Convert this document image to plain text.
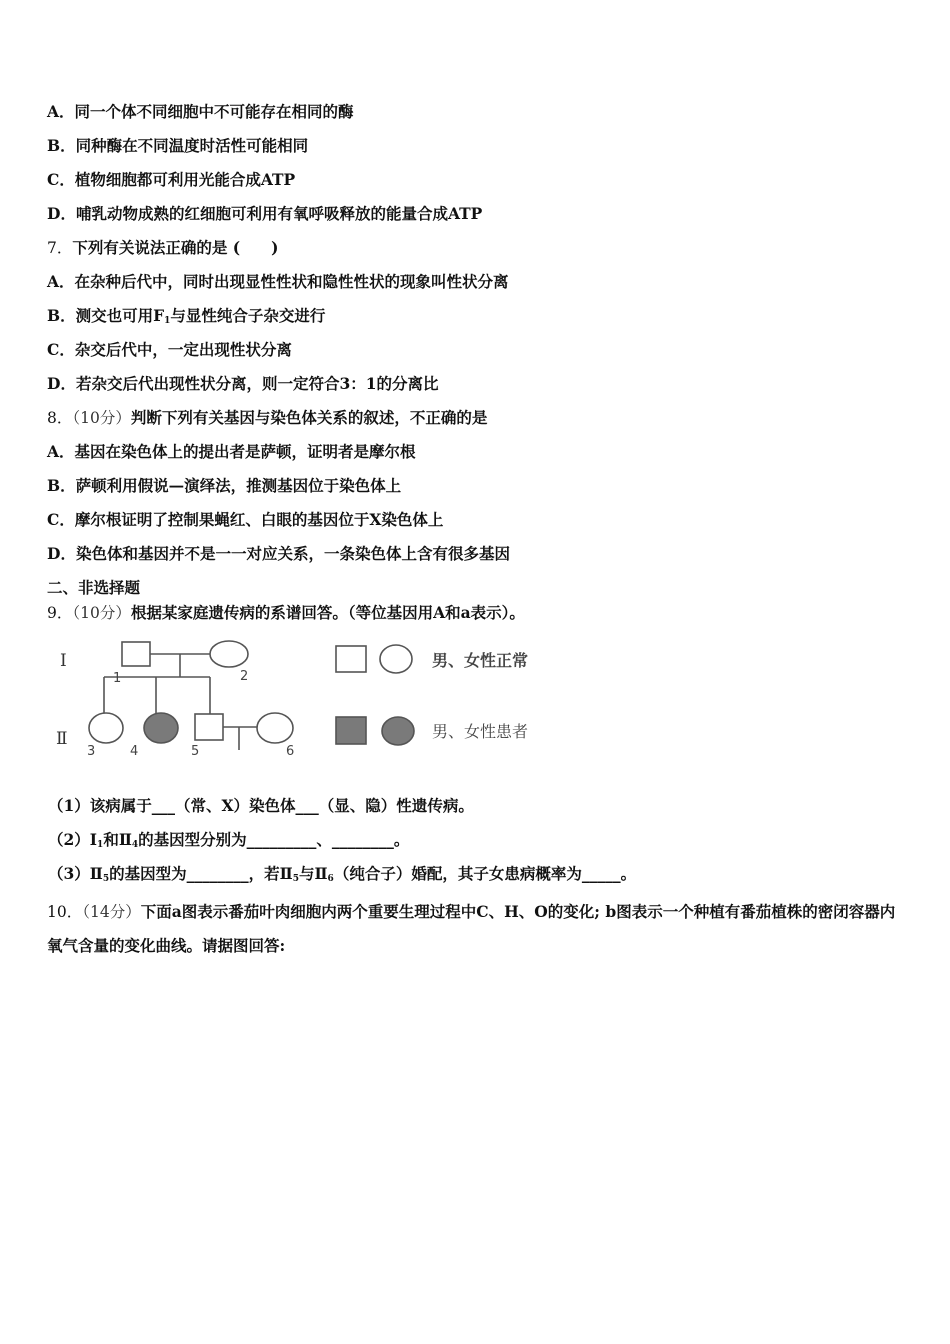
A．同一个体不同细胞中不可能存在相同的酶
B．同种酶在不同温度时活性可能相同
C．植物细胞都可利用光能合成ATP
D．哺乳动物成熟的红细胞可利用有氧呼吸释放的能量合成ATP
7．下列有关说法正确的是 (　　)
A．在杂种后代中，同时出现显性性状和隐性性状的现象叫性状分离
B．测交也可用$F_1$与显性纯合子杂交进行
C．杂交后代中，一定出现性状分离
D．若杂交后代出现性状分离，则一定符合3：1的分离比
8．（10分）判断下列有关基因与染色体关系的叙述，不正确的是
A．基因在染色体上的提出者是萨顿，证明者是摩尔根
B．萨顿利用假说—演绎法，推测基因位于染色体上
C．摩尔根证明了控制果蝇红、白眼的基因位于X染色体上
D．染色体和基因并不是一一对应关系，一条染色体上含有很多基因
二、非选择题
9．（10分）根据某家庭遗传病的系谱回答。（等位基因用A和a表示）。
Ⅰ
Ⅱ
1	2
3	4	5	6
男、女性正常
男、女性患者
（1）该病属于___（常、X）染色体___（显、隐）性遗传病。
$(2)Ⅰ_1$和$Ⅱ_4$的基因型分别为_________、________。
$(3)Ⅱ_5$的基因型为________，若$Ⅱ_5$与$Ⅱ_6$（纯合子）婚配，其子女患病概率为_____。
10．（14分）下面a图表示番茄叶肉细胞内两个重要生理过程中C、H、O的变化; b图表示一个种植有番茄植株的密闭容器内氧气含量的变化曲线。请据图回答:
